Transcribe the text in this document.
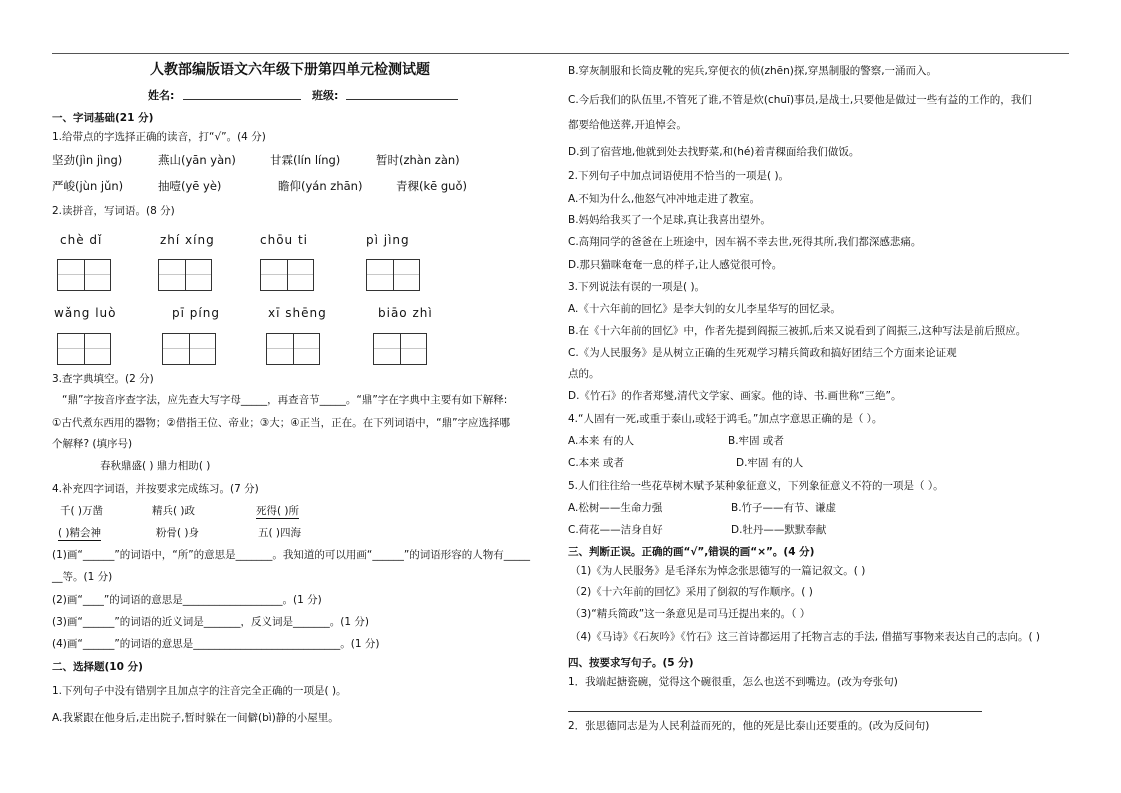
人教部编版语文六年级下册第四单元检测试题
姓名:	班级:
一、字词基础(21 分)
1.给带点的字选择正确的读音，打“√”。(4 分)
坚劲(jìn jìng)	燕山(yān yàn)	甘霖(lín líng)	暂时(zhàn zàn)
严峻(jùn jǔn)	抽噎(yē yè)	瞻仰(yán zhān)	青稞(kē guǒ)
2.读拼音，写词语。(8 分)
chè dǐ	zhí xíng	chōu ti	pì jìng
wǎng luò	pī píng	xī shēng	biāo zhì
3.查字典填空。(2 分)
“鼎”字按音序查字法，应先查大写字母_____，再查音节_____。“鼎”字在字典中主要有如下解释:
①古代煮东西用的器物；②借指王位、帝业；③大；④正当，正在。在下列词语中，“鼎”字应选择哪
个解释? (填序号)
春秋鼎盛( ) 鼎力相助( )
4.补充四字词语，并按要求完成练习。(7 分)
千( )万凿	精兵( )政	死得( )所
( )精会神	粉骨( )身	五( )四海
(1)画“______”的词语中，“所”的意思是_______。我知道的可以用画“______”的词语形容的人物有_____
__等。(1 分)
(2)画“____”的词语的意思是___________________。(1 分)
(3)画“______”的词语的近义词是_______，反义词是_______。(1 分)
(4)画“______”的词语的意思是____________________________。(1 分)
二、选择题(10 分)
1.下列句子中没有错别字且加点字的注音完全正确的一项是( )。
A.我紧跟在他身后,走出院子,暂时躲在一间僻(bì)静的小屋里。
B.穿灰制服和长筒皮靴的宪兵,穿便衣的侦(zhēn)探,穿黑制服的警察,一涌而入。
C.今后我们的队伍里,不管死了谁,不管是炊(chuī)事员,是战士,只要他是做过一些有益的工作的，我们
都要给他送葬,开追悼会。
D.到了宿营地,他就到处去找野菜,和(hé)着青稞面给我们做饭。
2.下列句子中加点词语使用不恰当的一项是( )。
A.不知为什么,他怒气冲冲地走进了教室。
B.妈妈给我买了一个足球,真让我喜出望外。
C.高翔同学的爸爸在上班途中，因车祸不幸去世,死得其所,我们都深感悲痛。
D.那只猫咪奄奄一息的样子,让人感觉很可怜。
3.下列说法有误的一项是( )。
A.《十六年前的回忆》是李大钊的女儿李星华写的回忆录。
B.在《十六年前的回忆》中，作者先提到阎振三被抓,后来又说看到了阎振三,这种写法是前后照应。
C.《为人民服务》是从树立正确的生死观学习精兵简政和搞好团结三个方面来论证观
点的。
D.《竹石》的作者郑燮,清代文学家、画家。他的诗、书.画世称“三绝”。
4.“人固有一死,或重于泰山,或轻于鸿毛。”加点字意思正确的是（ ）。
A.本来 有的人	B.牢固 或者
C.本来 或者	D.牢固 有的人
5.人们往往给一些花草树木赋予某种象征意义，下列象征意义不符的一项是（ ）。
A.松树——生命力强	B.竹子——有节、谦虚
C.荷花——洁身自好	D.牡丹——默默奉献
三、判断正误。正确的画“√”,错误的画“×”。(4 分)
（1)《为人民服务》是毛泽东为悼念张思德写的一篇记叙文。( )
（2)《十六年前的回忆》采用了倒叙的写作顺序。( )
（3)“精兵简政”这一条意见是司马迁提出来的。（ ）
（4)《马诗》《石灰吟》《竹石》这三首诗都运用了托物言志的手法, 借描写事物来表达自己的志向。( )
四、按要求写句子。(5 分)
1．我端起搪瓷碗，觉得这个碗很重，怎么也送不到嘴边。(改为夸张句)
2．张思德同志是为人民利益而死的，他的死是比泰山还要重的。(改为反问句)
